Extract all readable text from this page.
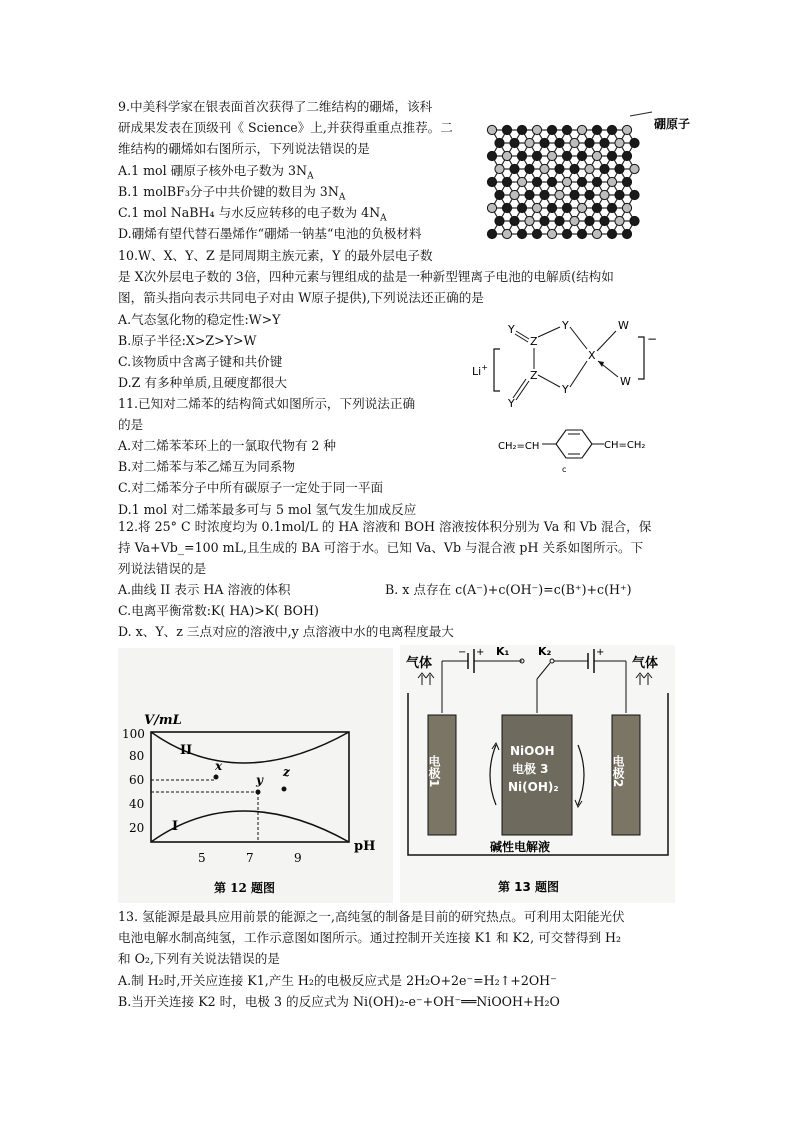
9.中美科学家在银表面首次获得了二维结构的硼烯，该科
研成果发表在顶级刊《 Science》上,并获得重重点推荐。二
维结构的硼烯如右图所示，下列说法错误的是
A.1 mol 硼原子核外电子数为 $3N_A$
B.1 molBF₃分子中共价键的数目为 $3N_A$
C.1 mol NaBH₄ 与水反应转移的电子数为 $4N_A$
D.硼烯有望代替石墨烯作“硼烯一钠基“电池的负极材料
硼原子
10.W、X、Y、Z 是同周期主族元素，Y 的最外层电子数
是 X次外层电子数的 3倍，四种元素与锂组成的盐是一种新型锂离子电池的电解质(结构如
图，箭头指向表示共同电子对由 W原子提供),下列说法还正确的是
A.气态氢化物的稳定性:W>Y
B.原子半径:X>Z>Y>W
C.该物质中含离子键和共价键
D.Z 有多种单质,且硬度都很大
Li+
−
Y
Z
Y
X
W
W
Z
Y
Y
11.已知对二烯苯的结构简式如图所示，下列说法正确
的是
A.对二烯苯苯环上的一氯取代物有 2 种
B.对二烯苯与苯乙烯互为同系物
C.对二烯苯分子中所有碳原子一定处于同一平面
D.1 mol 对二烯苯最多可与 5 mol 氢气发生加成反应
CH₂=CH	CH=CH₂
c
12.将 25° C 时浓度均为 0.1mol/L 的 HA 溶液和 BOH 溶液按体积分别为 Va 和 Vb 混合，保
持 Va+Vb_=100 mL,且生成的 BA 可溶于水。已知 Va、Vb 与混合液 pH 关系如图所示。下
列说法错误的是
A.曲线 II 表示 HA 溶液的体积	B. x 点存在 c(A⁻)+c(OH⁻)=c(B⁺)+c(H⁺)
C.电离平衡常数:K( HA)>K( BOH)
D. x、Y、z 三点对应的溶液中,y 点溶液中水的电离程度最大
V/mL
100
80
60
40
20
x
y
z
II
I
pH
5	7	9
第 12 题图
气体	气体
+
−	K₁	K₂	+
电极1	电极2
NiOOH
电极 3
Ni(OH)₂
碱性电解液
第 13 题图
13. 氢能源是最具应用前景的能源之一,高纯氢的制备是目前的研究热点。可利用太阳能光伏
电池电解水制高纯氢，工作示意图如图所示。通过控制开关连接 K1 和 K2, 可交替得到 H₂
和 O₂,下列有关说法错误的是
A.制 H₂时,开关应连接 K1,产生 H₂的电极反应式是 2H₂O+2e⁻=H₂↑+2OH⁻
B.当开关连接 K2 时，电极 3 的反应式为 Ni(OH)₂-e⁻+OH⁻══NiOOH+H₂O
